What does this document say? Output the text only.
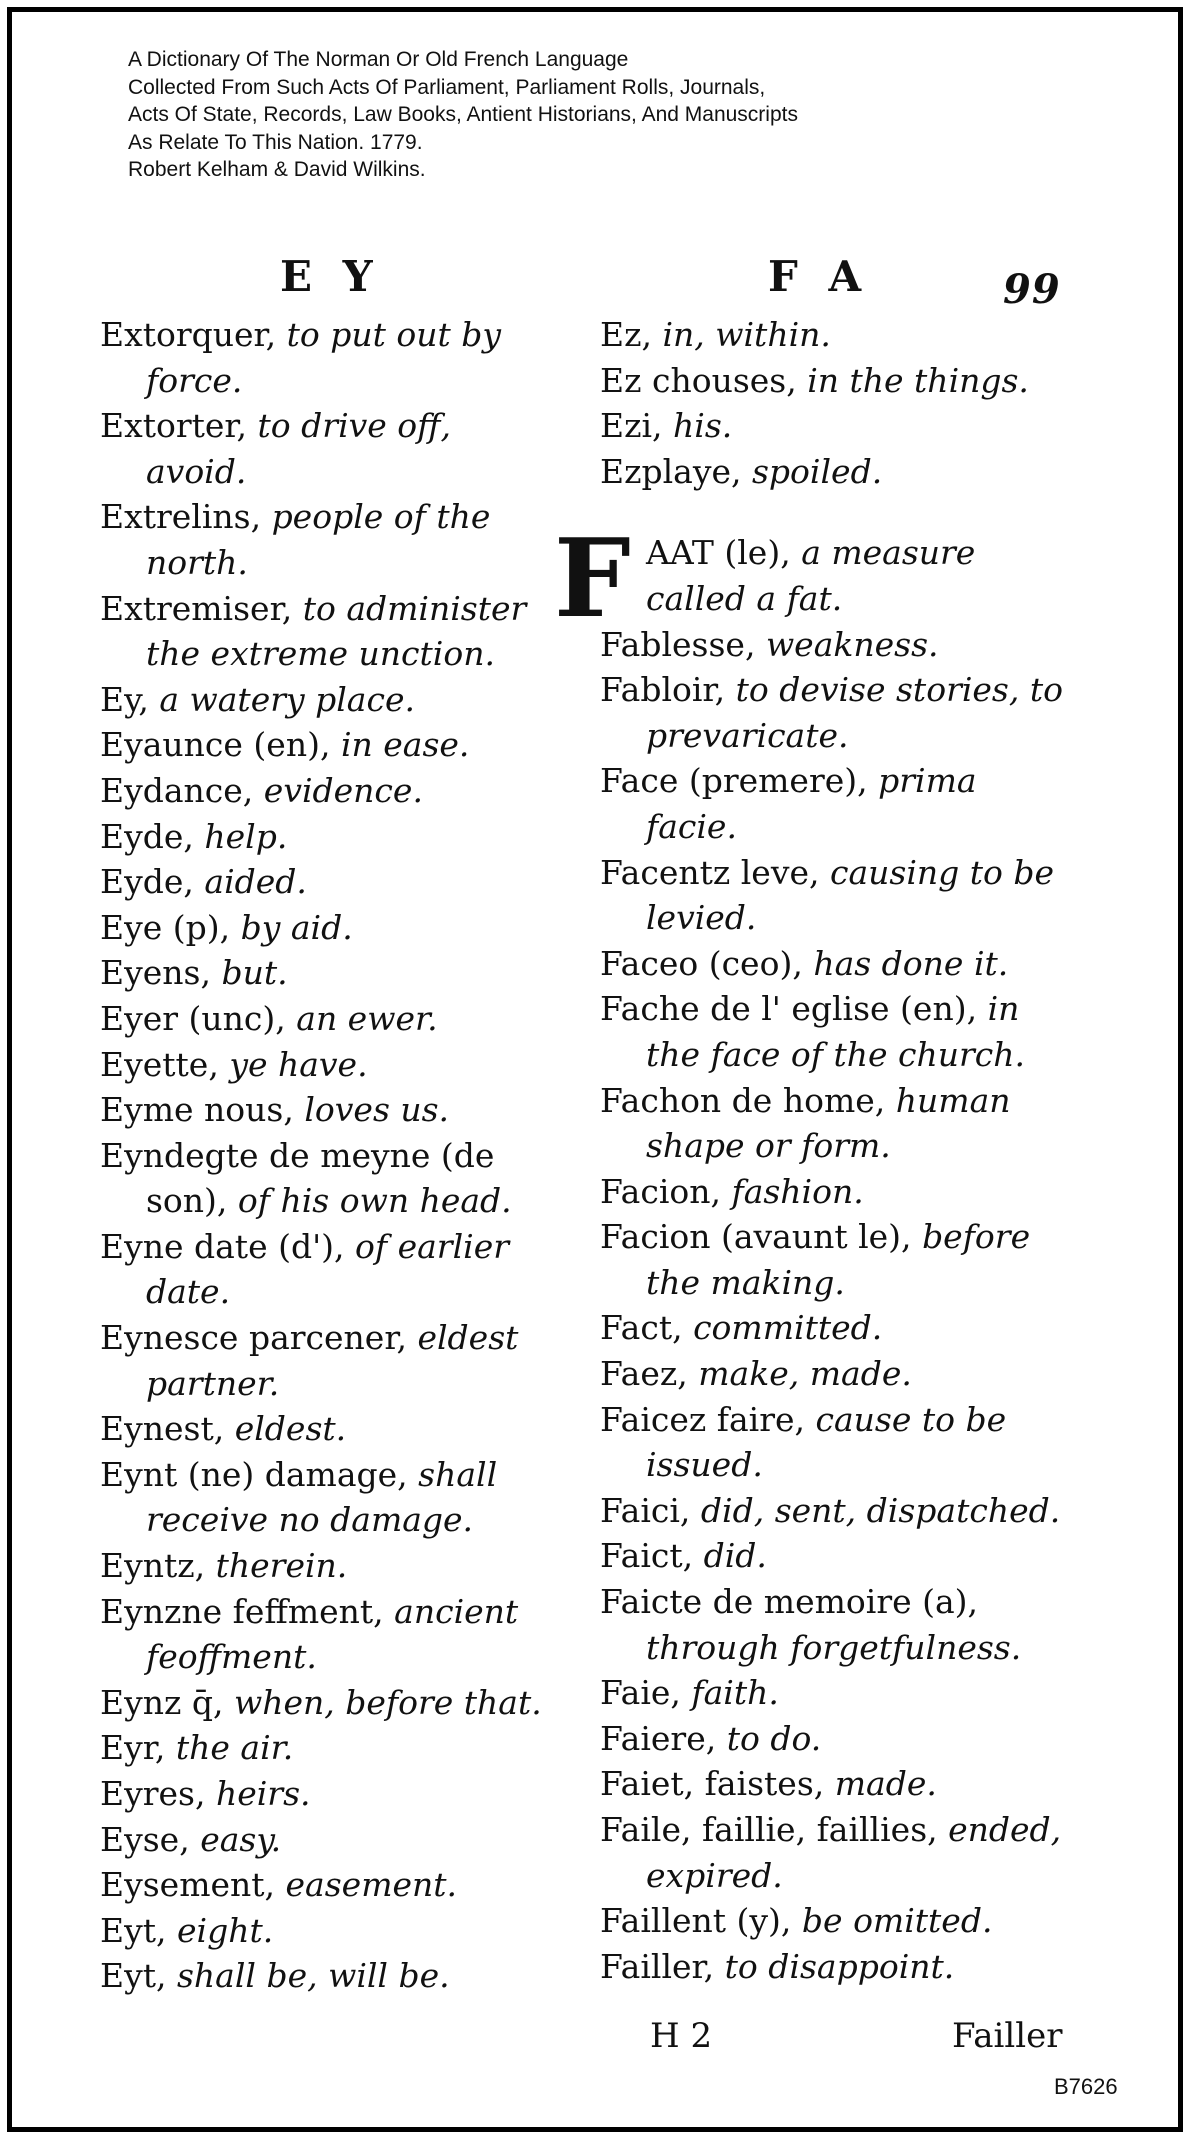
A Dictionary Of The Norman Or Old French Language
Collected From Such Acts Of Parliament, Parliament Rolls, Journals,
Acts Of State, Records, Law Books, Antient Historians, And Manuscripts
As Relate To This Nation. 1779.
Robert Kelham & David Wilkins.
E Y	F A	99
Extorquer, to put out by force.
Extorter, to drive off, avoid.
Extrelins, people of the north.
Extremiser, to administer the extreme unction.
Ey, a watery place.
Eyaunce (en), in ease.
Eydance, evidence.
Eyde, help.
Eyde, aided.
Eye (p), by aid.
Eyens, but.
Eyer (unc), an ewer.
Eyette, ye have.
Eyme nous, loves us.
Eyndegte de meyne (de son), of his own head.
Eyne date (d'), of earlier date.
Eynesce parcener, eldest partner.
Eynest, eldest.
Eynt (ne) damage, shall receive no damage.
Eyntz, therein.
Eynzne feffment, ancient feoffment.
Eynz q̄, when, before that.
Eyr, the air.
Eyres, heirs.
Eyse, easy.
Eysement, easement.
Eyt, eight.
Eyt, shall be, will be.
Ez, in, within.
Ez chouses, in the things.
Ezi, his.
Ezplaye, spoiled.
F AAT (le), a measure called a fat.
Fablesse, weakness.
Fabloir, to devise stories, to prevaricate.
Face (premere), prima facie.
Facentz leve, causing to be levied.
Faceo (ceo), has done it.
Fache de l' eglise (en), in the face of the church.
Fachon de home, human shape or form.
Facion, fashion.
Facion (avaunt le), before the making.
Fact, committed.
Faez, make, made.
Faicez faire, cause to be issued.
Faici, did, sent, dispatched.
Faict, did.
Faicte de memoire (a), through forgetfulness.
Faie, faith.
Faiere, to do.
Faiet, faistes, made.
Faile, faillie, faillies, ended, expired.
Faillent (y), be omitted.
Failler, to disappoint.
H 2	Failler
B7626
